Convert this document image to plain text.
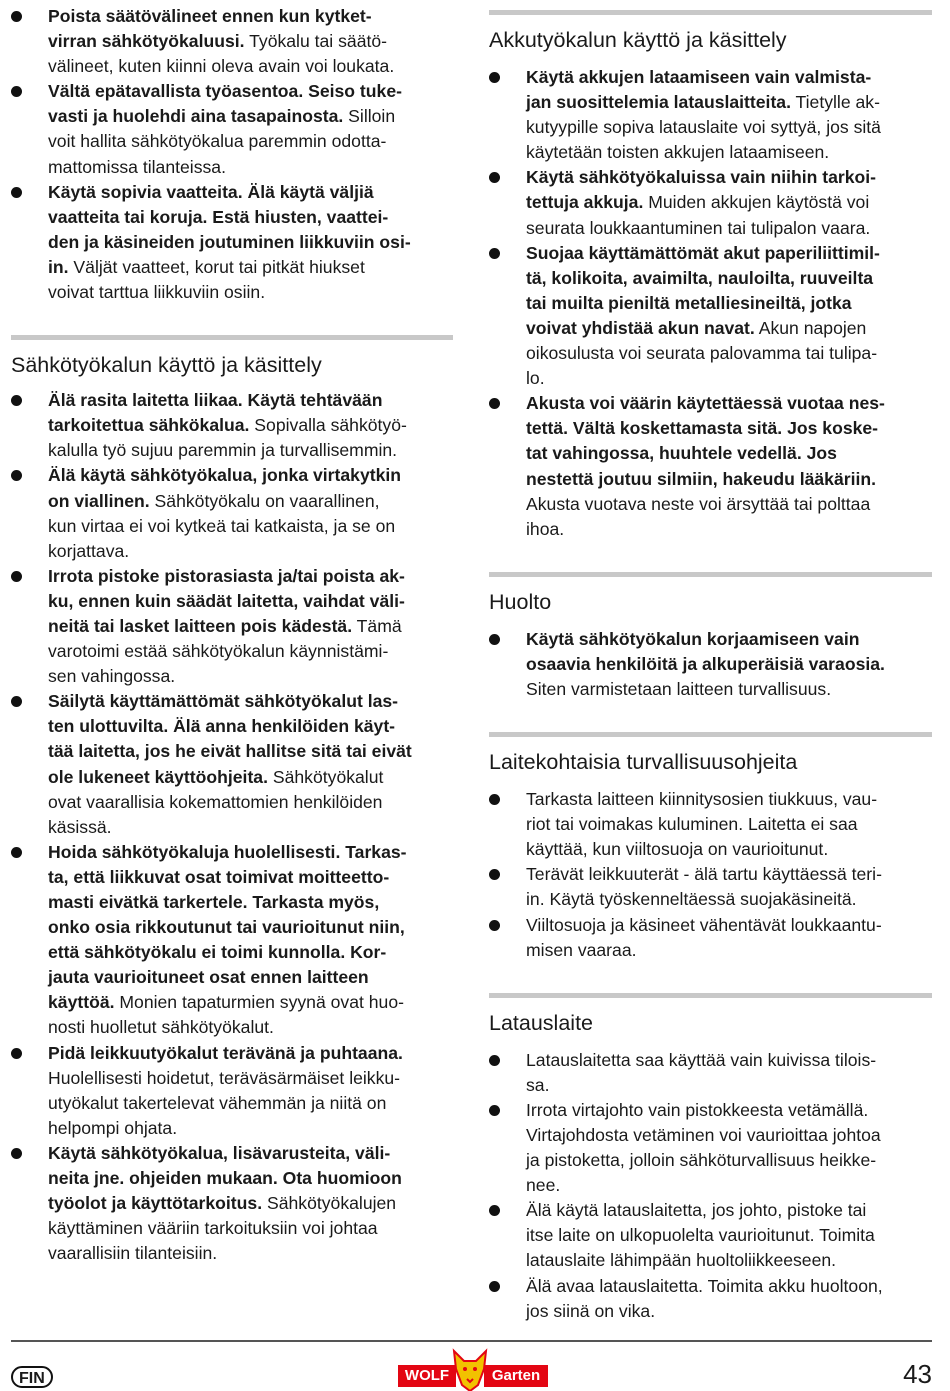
Poista säätövälineet ennen kun kytket-
virran sähkötyökaluusi. Työkalu tai säätö-
välineet, kuten kiinni oleva avain voi loukata.
Vältä epätavallista työasentoa. Seiso tuke-
vasti ja huolehdi aina tasapainosta. Silloin
voit hallita sähkötyökalua paremmin odotta-
mattomissa tilanteissa.
Käytä sopivia vaatteita. Älä käytä väljiä
vaatteita tai koruja. Estä hiusten, vaattei-
den ja käsineiden joutuminen liikkuviin osi-
in. Väljät vaatteet, korut tai pitkät hiukset
voivat tarttua liikkuviin osiin.
Sähkötyökalun käyttö ja käsittely
Älä rasita laitetta liikaa. Käytä tehtävään
tarkoitettua sähkökalua. Sopivalla sähkötyö-
kalulla työ sujuu paremmin ja turvallisemmin.
Älä käytä sähkötyökalua, jonka virtakytkin
on viallinen. Sähkötyökalu on vaarallinen,
kun virtaa ei voi kytkeä tai katkaista, ja se on
korjattava.
Irrota pistoke pistorasiasta ja/tai poista ak-
ku, ennen kuin säädät laitetta, vaihdat väli-
neitä tai lasket laitteen pois kädestä. Tämä
varotoimi estää sähkötyökalun käynnistämi-
sen vahingossa.
Säilytä käyttämättömät sähkötyökalut las-
ten ulottuvilta. Älä anna henkilöiden käyt-
tää laitetta, jos he eivät hallitse sitä tai eivät
ole lukeneet käyttöohjeita. Sähkötyökalut
ovat vaarallisia kokemattomien henkilöiden
käsissä.
Hoida sähkötyökaluja huolellisesti. Tarkas-
ta, että liikkuvat osat toimivat moitteetto-
masti eivätkä tarkertele. Tarkasta myös,
onko osia rikkoutunut tai vaurioitunut niin,
että sähkötyökalu ei toimi kunnolla. Kor-
jauta vaurioituneet osat ennen laitteen
käyttöä. Monien tapaturmien syynä ovat huo-
nosti huolletut sähkötyökalut.
Pidä leikkuutyökalut terävänä ja puhtaana.
Huolellisesti hoidetut, teräväsärmäiset leikku-
utyökalut takertelevat vähemmän ja niitä on
helpompi ohjata.
Käytä sähkötyökalua, lisävarusteita, väli-
neita jne. ohjeiden mukaan. Ota huomioon
työolot ja käyttötarkoitus. Sähkötyökalujen
käyttäminen vääriin tarkoituksiin voi johtaa
vaarallisiin tilanteisiin.
Akkutyökalun käyttö ja käsittely
Käytä akkujen lataamiseen vain valmista-
jan suosittelemia latauslaitteita. Tietylle ak-
kutyypille sopiva latauslaite voi syttyä, jos sitä
käytetään toisten akkujen lataamiseen.
Käytä sähkötyökaluissa vain niihin tarkoi-
tettuja akkuja. Muiden akkujen käytöstä voi
seurata loukkaantuminen tai tulipalon vaara.
Suojaa käyttämättömät akut paperiliittimil-
tä, kolikoita, avaimilta, nauloilta, ruuveilta
tai muilta pieniltä metalliesineiltä, jotka
voivat yhdistää akun navat. Akun napojen
oikosulusta voi seurata palovamma tai tulipa-
lo.
Akusta voi väärin käytettäessä vuotaa nes-
tettä. Vältä koskettamasta sitä. Jos koske-
tat vahingossa, huuhtele vedellä. Jos
nestettä joutuu silmiin, hakeudu lääkäriin.
Akusta vuotava neste voi ärsyttää tai polttaa
ihoa.
Huolto
Käytä sähkötyökalun korjaamiseen vain
osaavia henkilöitä ja alkuperäisiä varaosia.
Siten varmistetaan laitteen turvallisuus.
Laitekohtaisia turvallisuusohjeita
Tarkasta laitteen kiinnitysosien tiukkuus, vau-
riot tai voimakas kuluminen. Laitetta ei saa
käyttää, kun viiltosuoja on vaurioitunut.
Terävät leikkuuterät - älä tartu käyttäessä teri-
in. Käytä työskenneltäessä suojakäsineitä.
Viiltosuoja ja käsineet vähentävät loukkaantu-
misen vaaraa.
Latauslaite
Latauslaitetta saa käyttää vain kuivissa tilois-
sa.
Irrota virtajohto vain pistokkeesta vetämällä.
Virtajohdosta vetäminen voi vaurioittaa johtoa
ja pistoketta, jolloin sähköturvallisuus heikke-
nee.
Älä käytä latauslaitetta, jos johto, pistoke tai
itse laite on ulkopuolelta vaurioitunut. Toimita
latauslaite lähimpään huoltoliikkeeseen.
Älä avaa latauslaitetta. Toimita akku huoltoon,
jos siinä on vika.
FIN	WOLF	Garten	43
